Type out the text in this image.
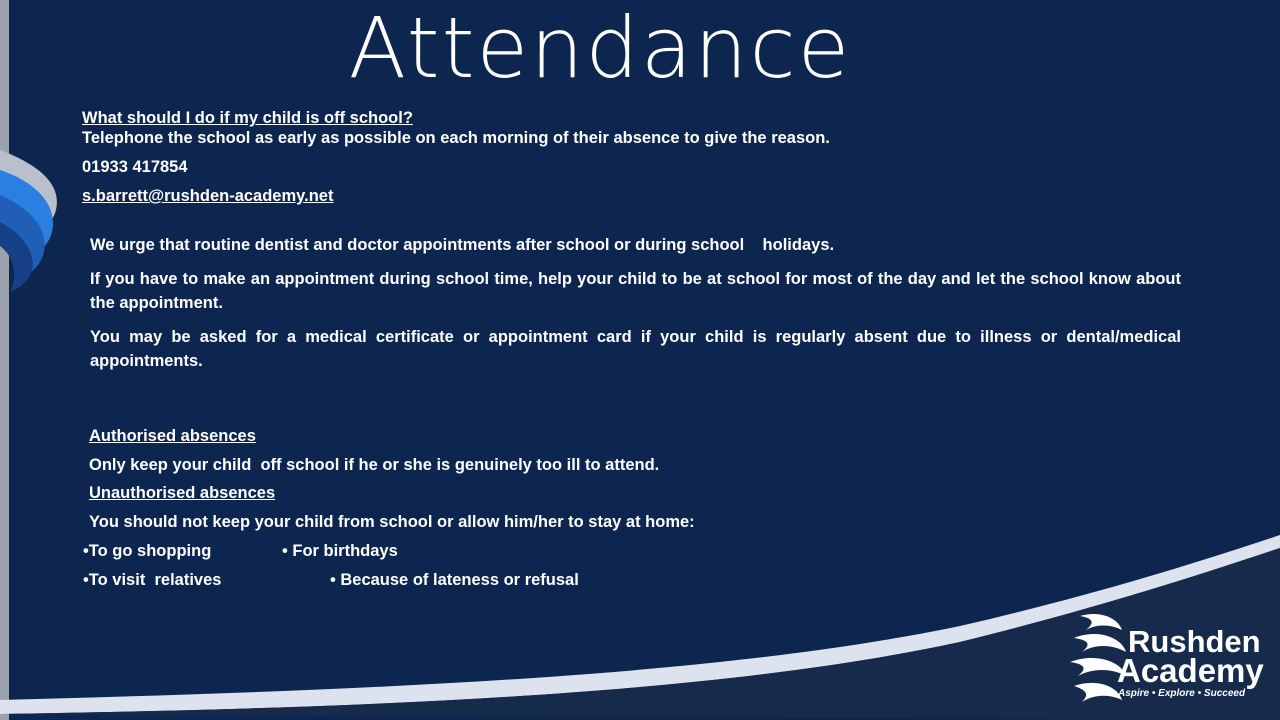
Attendance
What should I do if my child is off school?
Telephone the school as early as possible on each morning of their absence to give the reason.
01933 417854
s.barrett@rushden-academy.net
We urge that routine dentist and doctor appointments after school or during school    holidays.
If you have to make an appointment during school time, help your child to be at school for most of the day and let the school know about the appointment.
You may be asked for a medical certificate or appointment card if your child is regularly absent due to illness or dental/medical appointments.
Authorised absences
Only keep your child  off school if he or she is genuinely too ill to attend.
Unauthorised absences
You should not keep your child from school or allow him/her to stay at home:
•To go shopping	• For birthdays
•To visit  relatives	• Because of lateness or refusal
Rushden
Academy
Aspire • Explore • Succeed
